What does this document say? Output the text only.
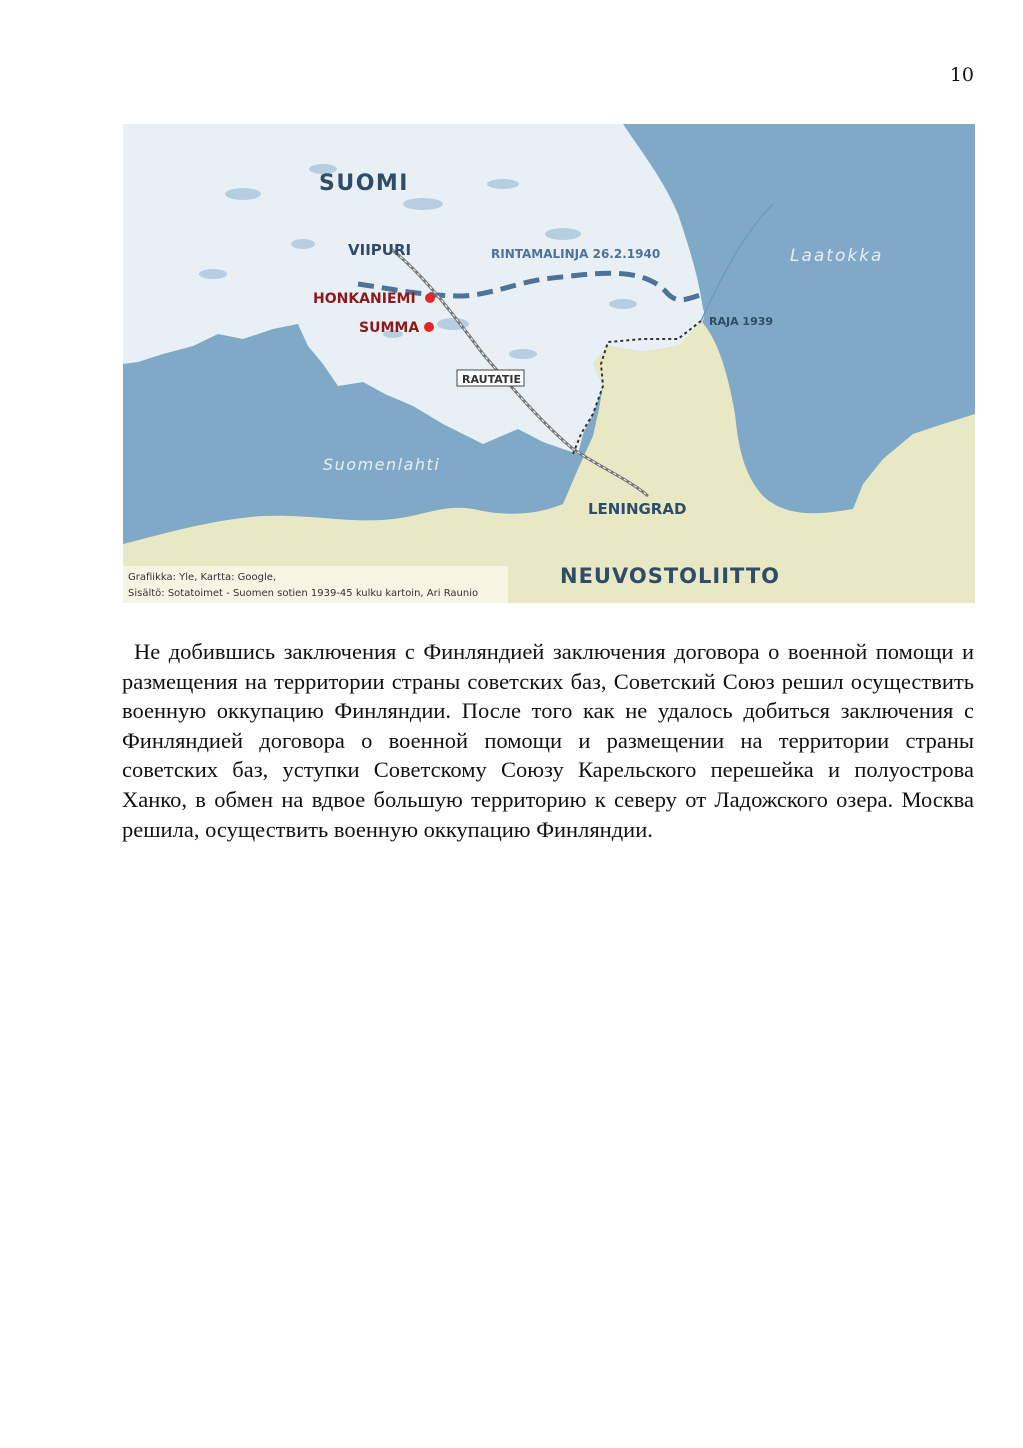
10
SUOMI
VIIPURI	RINTAMALINJA 26.2.1940	Laatokka
HONKANIEMI
SUMMA	RAJA 1939
RAUTATIE
Suomenlahti
LENINGRAD
NEUVOSTOLIITTO
Grafiikka: Yle, Kartta: Google,
Sisältö: Sotatoimet - Suomen sotien 1939-45 kulku kartoin, Ari Raunio

Не добившись заключения с Финляндией заключения договора о военной помощи и размещения на территории страны советских баз, Советский Союз решил осуществить военную оккупацию Финляндии. После того как не удалось добиться заключения с Финляндией договора о военной помощи и размещении на территории страны советских баз, уступки Советскому Союзу Карельского перешейка и полуострова Ханко, в обмен на вдвое большую территорию к северу от Ладожского озера. Москва решила, осуществить военную оккупацию Финляндии.
